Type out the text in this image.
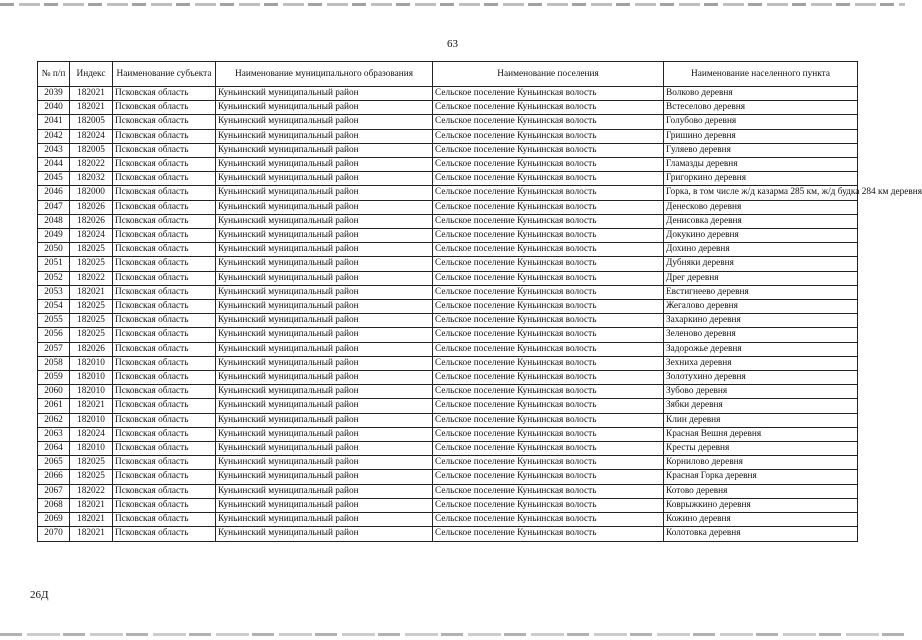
63
№ п/п	Индекс	Наименование субъекта	Наименование муниципального образования	Наименование поселения	Наименование населенного пункта
2039	182021	Псковская область	Куньинский муниципальный район	Сельское поселение Куньинская волость	Волково деревня
2040	182021	Псковская область	Куньинский муниципальный район	Сельское поселение Куньинская волость	Встеселово деревня
2041	182005	Псковская область	Куньинский муниципальный район	Сельское поселение Куньинская волость	Голубово деревня
2042	182024	Псковская область	Куньинский муниципальный район	Сельское поселение Куньинская волость	Гришино деревня
2043	182005	Псковская область	Куньинский муниципальный район	Сельское поселение Куньинская волость	Гуляево деревня
2044	182022	Псковская область	Куньинский муниципальный район	Сельское поселение Куньинская волость	Гламазды деревня
2045	182032	Псковская область	Куньинский муниципальный район	Сельское поселение Куньинская волость	Григоркино деревня
2046	182000	Псковская область	Куньинский муниципальный район	Сельское поселение Куньинская волость	Горка, в том числе ж/д казарма 285 км, ж/д будка 284 км деревня
2047	182026	Псковская область	Куньинский муниципальный район	Сельское поселение Куньинская волость	Денесково деревня
2048	182026	Псковская область	Куньинский муниципальный район	Сельское поселение Куньинская волость	Денисовка деревня
2049	182024	Псковская область	Куньинский муниципальный район	Сельское поселение Куньинская волость	Докукино деревня
2050	182025	Псковская область	Куньинский муниципальный район	Сельское поселение Куньинская волость	Дохино деревня
2051	182025	Псковская область	Куньинский муниципальный район	Сельское поселение Куньинская волость	Дубняки деревня
2052	182022	Псковская область	Куньинский муниципальный район	Сельское поселение Куньинская волость	Дрег деревня
2053	182021	Псковская область	Куньинский муниципальный район	Сельское поселение Куньинская волость	Евстигнеево деревня
2054	182025	Псковская область	Куньинский муниципальный район	Сельское поселение Куньинская волость	Жегалово деревня
2055	182025	Псковская область	Куньинский муниципальный район	Сельское поселение Куньинская волость	Захаркино деревня
2056	182025	Псковская область	Куньинский муниципальный район	Сельское поселение Куньинская волость	Зеленово деревня
2057	182026	Псковская область	Куньинский муниципальный район	Сельское поселение Куньинская волость	Задорожье деревня
2058	182010	Псковская область	Куньинский муниципальный район	Сельское поселение Куньинская волость	Зехниха деревня
2059	182010	Псковская область	Куньинский муниципальный район	Сельское поселение Куньинская волость	Золотухино деревня
2060	182010	Псковская область	Куньинский муниципальный район	Сельское поселение Куньинская волость	Зубово деревня
2061	182021	Псковская область	Куньинский муниципальный район	Сельское поселение Куньинская волость	Зябки деревня
2062	182010	Псковская область	Куньинский муниципальный район	Сельское поселение Куньинская волость	Клин деревня
2063	182024	Псковская область	Куньинский муниципальный район	Сельское поселение Куньинская волость	Красная Вешня деревня
2064	182010	Псковская область	Куньинский муниципальный район	Сельское поселение Куньинская волость	Кресты деревня
2065	182025	Псковская область	Куньинский муниципальный район	Сельское поселение Куньинская волость	Корнилово деревня
2066	182025	Псковская область	Куньинский муниципальный район	Сельское поселение Куньинская волость	Красная Горка деревня
2067	182022	Псковская область	Куньинский муниципальный район	Сельское поселение Куньинская волость	Котово деревня
2068	182021	Псковская область	Куньинский муниципальный район	Сельское поселение Куньинская волость	Коврыжкино деревня
2069	182021	Псковская область	Куньинский муниципальный район	Сельское поселение Куньинская волость	Кожино деревня
2070	182021	Псковская область	Куньинский муниципальный район	Сельское поселение Куньинская волость	Колотовка деревня
26Д
